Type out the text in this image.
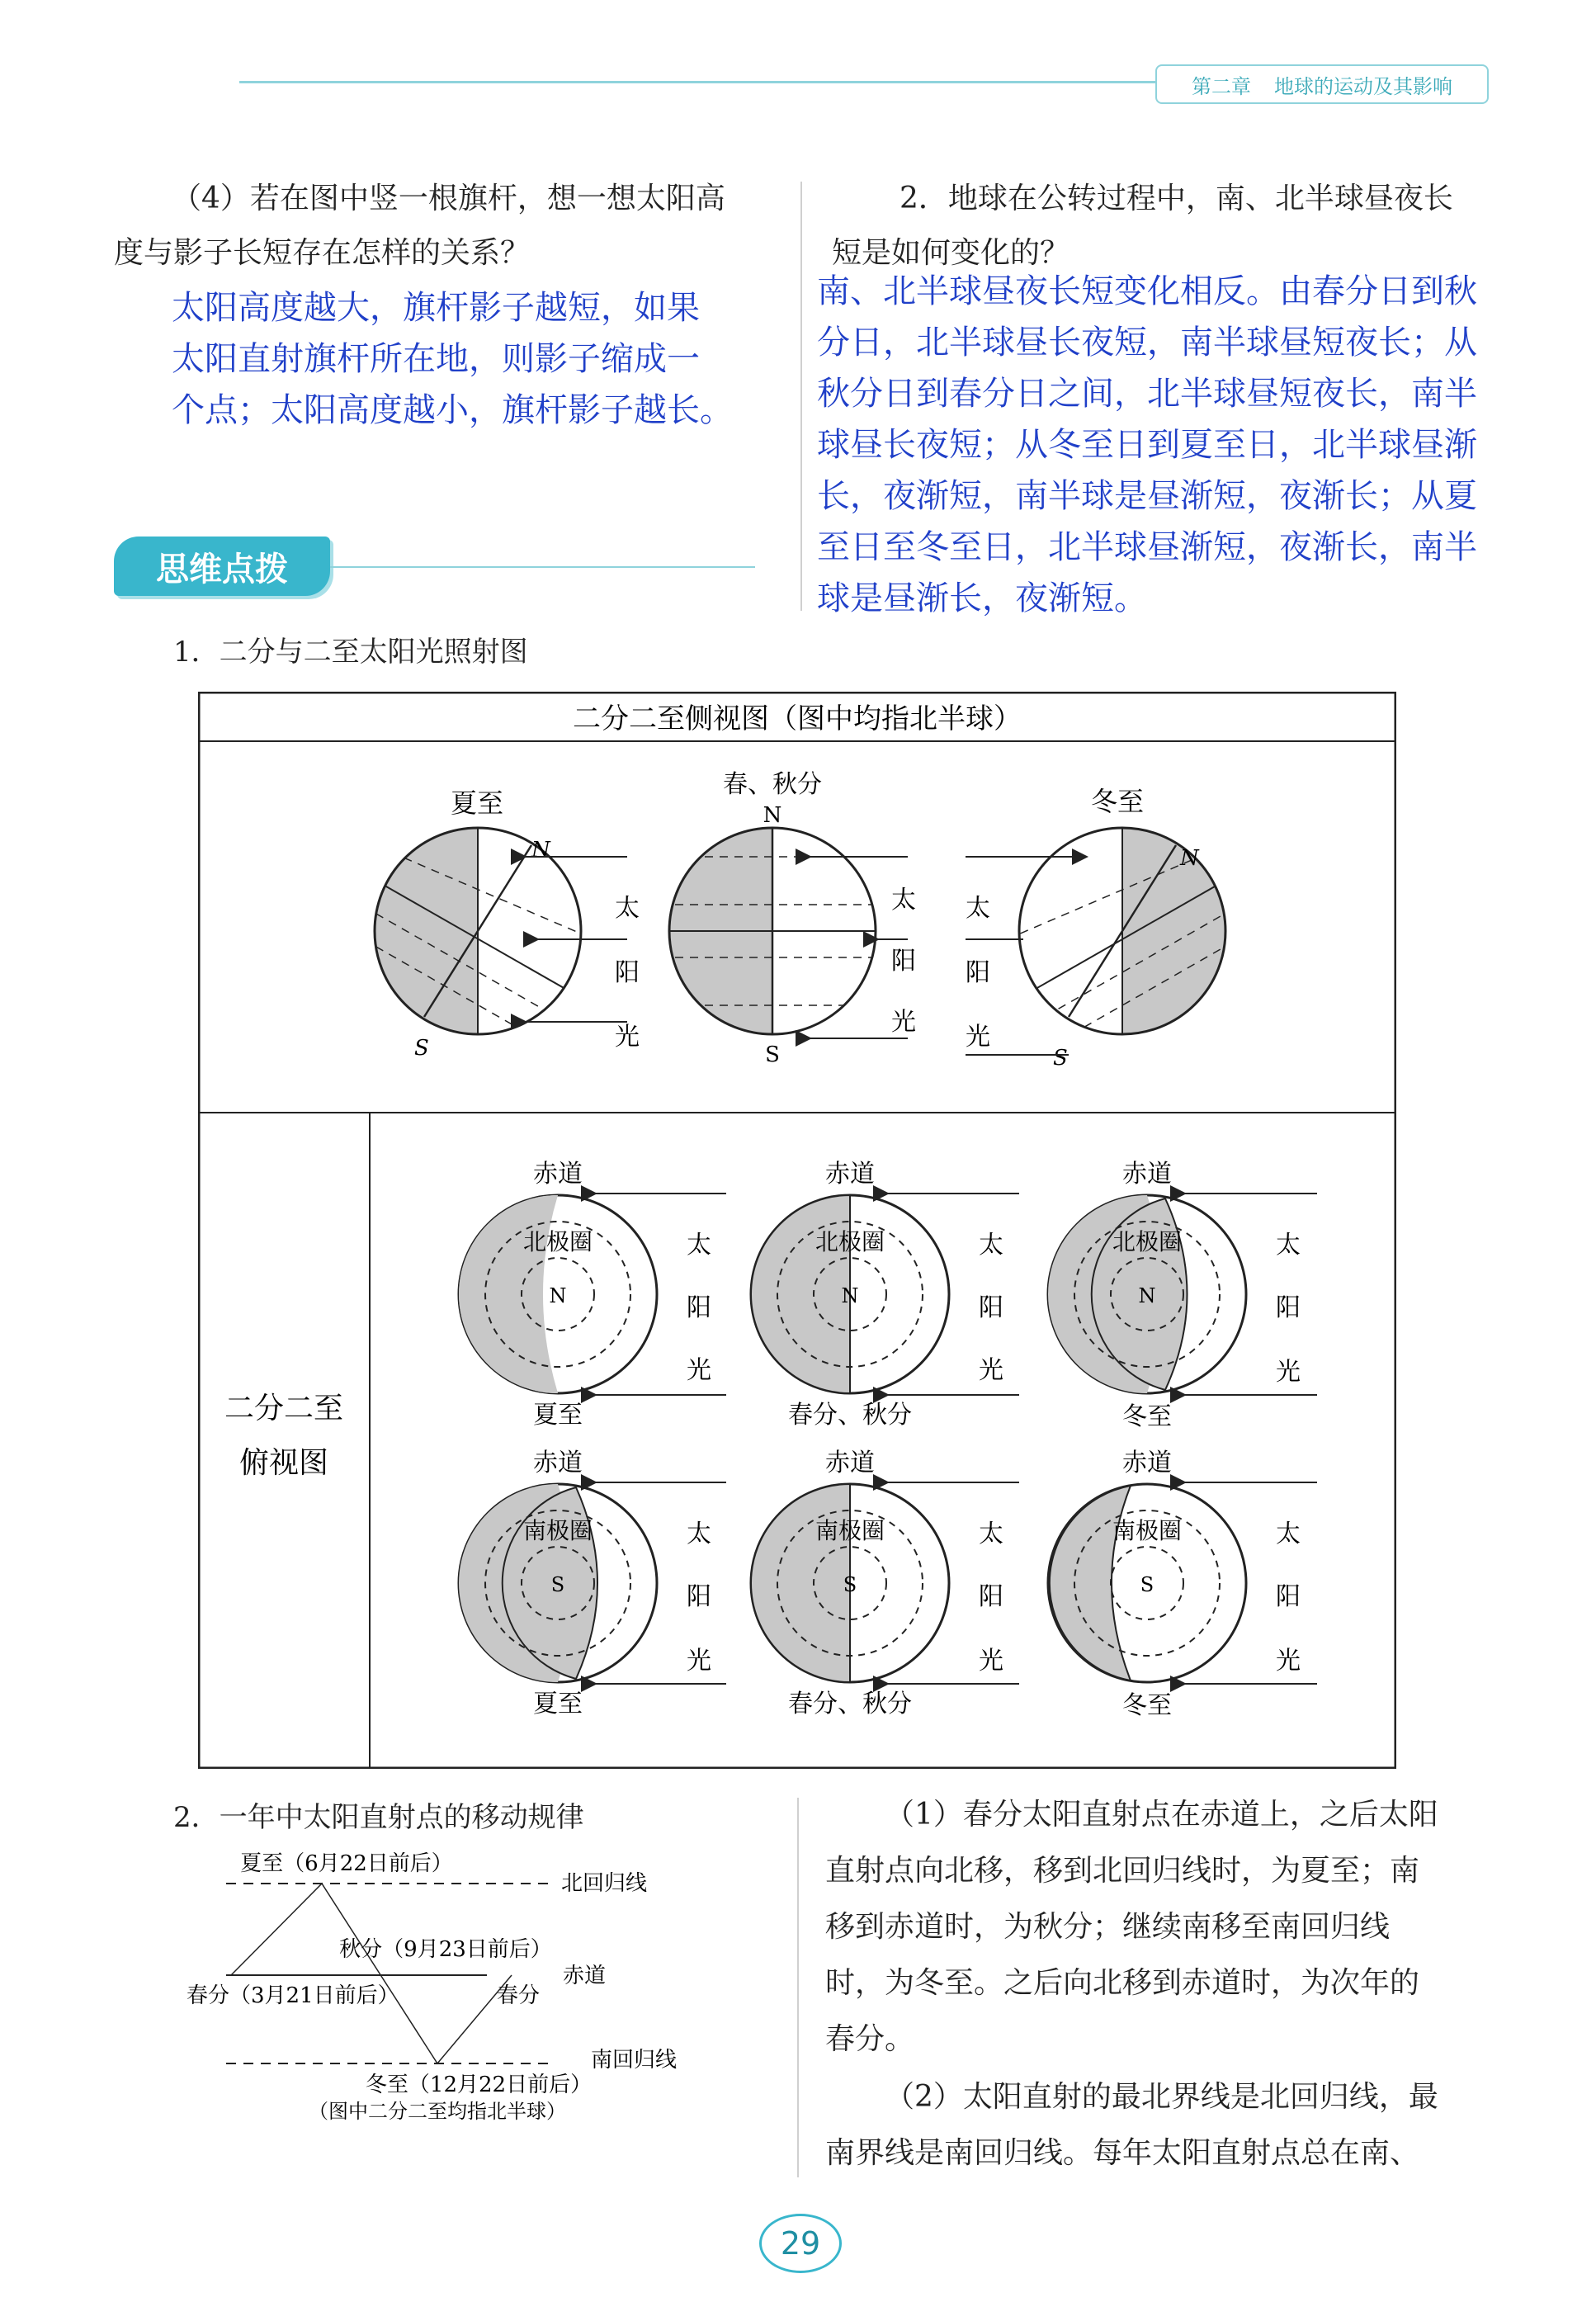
第二章 地球的运动及其影响
（4）若在图中竖一根旗杆，想一想太阳高
度与影子长短存在怎样的关系？
太阳高度越大，旗杆影子越短，如果
太阳直射旗杆所在地，则影子缩成一
个点；太阳高度越小，旗杆影子越长。
2．地球在公转过程中，南、北半球昼夜长
短是如何变化的？
南、北半球昼夜长短变化相反。由春分日到秋
分日，北半球昼长夜短，南半球昼短夜长；从
秋分日到春分日之间，北半球昼短夜长，南半
球昼长夜短；从冬至日到夏至日，北半球昼渐
长，夜渐短，南半球是昼渐短，夜渐长；从夏
至日至冬至日，北半球昼渐短，夜渐长，南半
球是昼渐长，夜渐短。
思维点拨
1．二分与二至太阳光照射图
二分二至侧视图（图中均指北半球）
夏至
N
S
太
阳
光
春、秋分
N
S
太
阳
光
冬至
N
S
太
阳
光
二分二至
俯视图
赤道
北极圈
N
夏至
赤道
北极圈
N
春分、秋分
赤道
北极圈
N
冬至
赤道
南极圈
S
夏至
赤道
南极圈
S
春分、秋分
赤道
南极圈
S
冬至
太
阳
光
太
阳
光
太
阳
光
太
阳
光
太
阳
光
太
阳
光
2．一年中太阳直射点的移动规律
夏至（6月22日前后）
北回归线
秋分（9月23日前后）
春分（3月21日前后）	春分
赤道
南回归线
冬至（12月22日前后）
（图中二分二至均指北半球）
（1）春分太阳直射点在赤道上，之后太阳
直射点向北移，移到北回归线时，为夏至；南
移到赤道时，为秋分；继续南移至南回归线
时，为冬至。之后向北移到赤道时，为次年的
春分。
（2）太阳直射的最北界线是北回归线，最
南界线是南回归线。每年太阳直射点总在南、
29
